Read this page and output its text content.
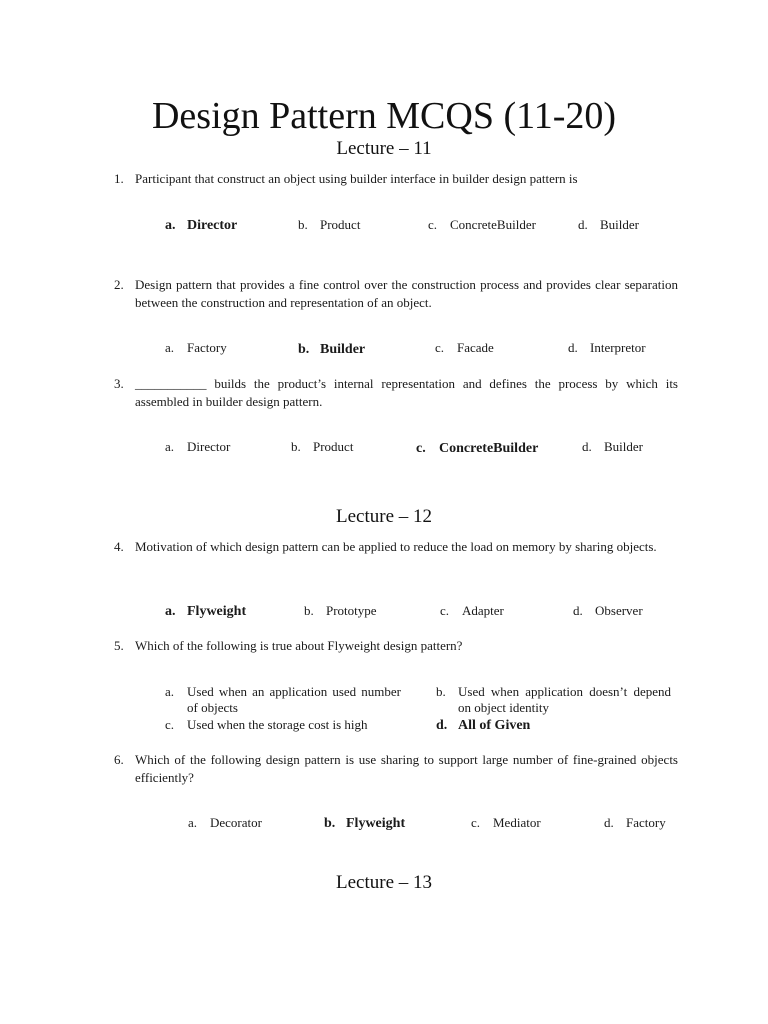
Design Pattern MCQS (11-20)
Lecture – 11
1. Participant that construct an object using builder interface in builder design pattern is
a. Director	b. Product	c. ConcreteBuilder	d. Builder
2. Design pattern that provides a fine control over the construction process and provides clear separation between the construction and representation of an object.
a. Factory	b. Builder	c. Facade	d. Interpretor
3. ___________ builds the product’s internal representation and defines the process by which its assembled in builder design pattern.
a. Director	b. Product	c. ConcreteBuilder	d. Builder
Lecture – 12
4. Motivation of which design pattern can be applied to reduce the load on memory by sharing objects.
a. Flyweight	b. Prototype	c. Adapter	d. Observer
5. Which of the following is true about Flyweight design pattern?
a. Used when an application used number of objects
b. Used when application doesn’t depend on object identity
c. Used when the storage cost is high	d. All of Given
6. Which of the following design pattern is use sharing to support large number of fine-grained objects efficiently?
a. Decorator	b. Flyweight	c. Mediator	d. Factory
Lecture – 13
